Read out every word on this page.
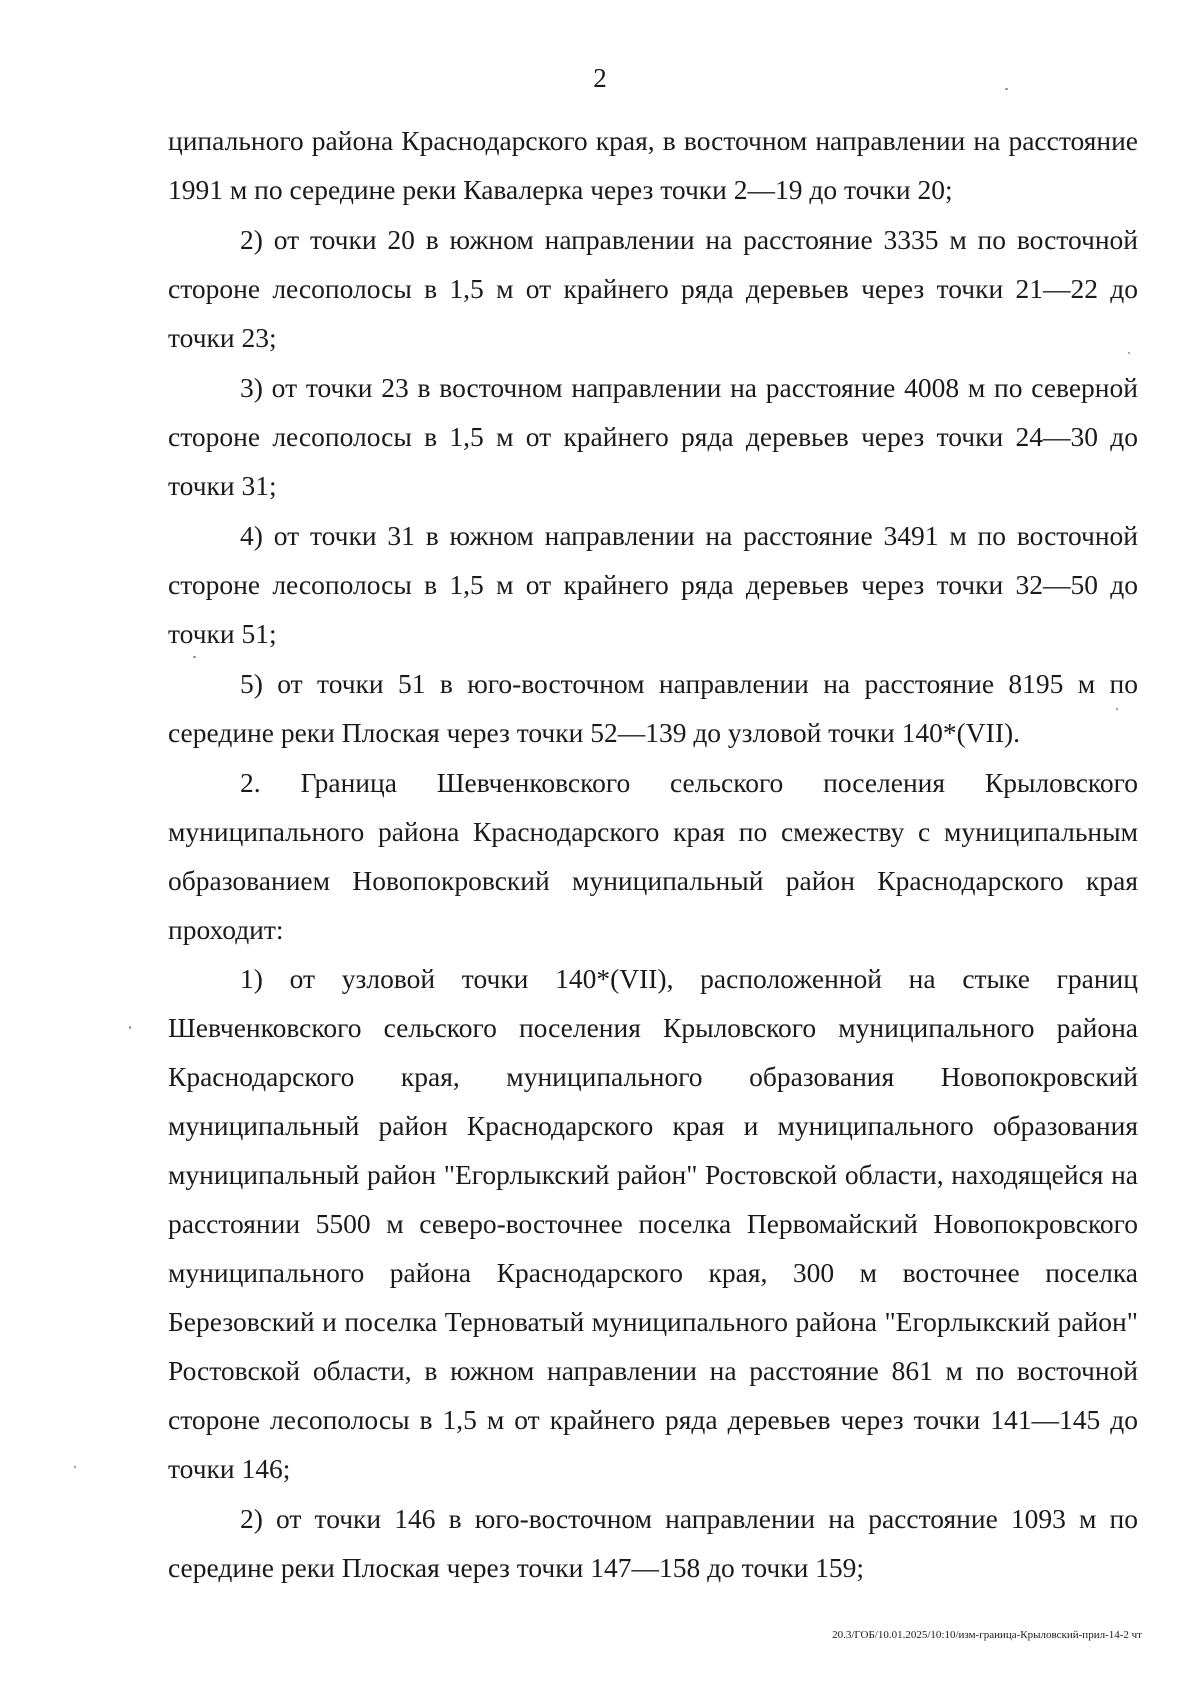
2

ципального района Краснодарского края, в восточном направлении на расстояние 1991 м по середине реки Кавалерка через точки 2—19 до точки 20;

2) от точки 20 в южном направлении на расстояние 3335 м по восточной стороне лесополосы в 1,5 м от крайнего ряда деревьев через точки 21—22 до точки 23;

3) от точки 23 в восточном направлении на расстояние 4008 м по северной стороне лесополосы в 1,5 м от крайнего ряда деревьев через точки 24—30 до точки 31;

4) от точки 31 в южном направлении на расстояние 3491 м по восточной стороне лесополосы в 1,5 м от крайнего ряда деревьев через точки 32—50 до точки 51;

5) от точки 51 в юго-восточном направлении на расстояние 8195 м по середине реки Плоская через точки 52—139 до узловой точки 140*(VII).

2. Граница Шевченковского сельского поселения Крыловского муниципального района Краснодарского края по смежеству с муниципальным образованием Новопокровский муниципальный район Краснодарского края проходит:

1) от узловой точки 140*(VII), расположенной на стыке границ Шевченковского сельского поселения Крыловского муниципального района Краснодарского края, муниципального образования Новопокровский муниципальный район Краснодарского края и муниципального образования муниципальный район "Егорлыкский район" Ростовской области, находящейся на расстоянии 5500 м северо-восточнее поселка Первомайский Новопокровского муниципального района Краснодарского края, 300 м восточнее поселка Березовский и поселка Терноватый муниципального района "Егорлыкский район" Ростовской области, в южном направлении на расстояние 861 м по восточной стороне лесополосы в 1,5 м от крайнего ряда деревьев через точки 141—145 до точки 146;

2) от точки 146 в юго-восточном направлении на расстояние 1093 м по середине реки Плоская через точки 147—158 до точки 159;

20.3/ГОБ/10.01.2025/10:10/изм-граница-Крыловский-прил-14-2 чт
